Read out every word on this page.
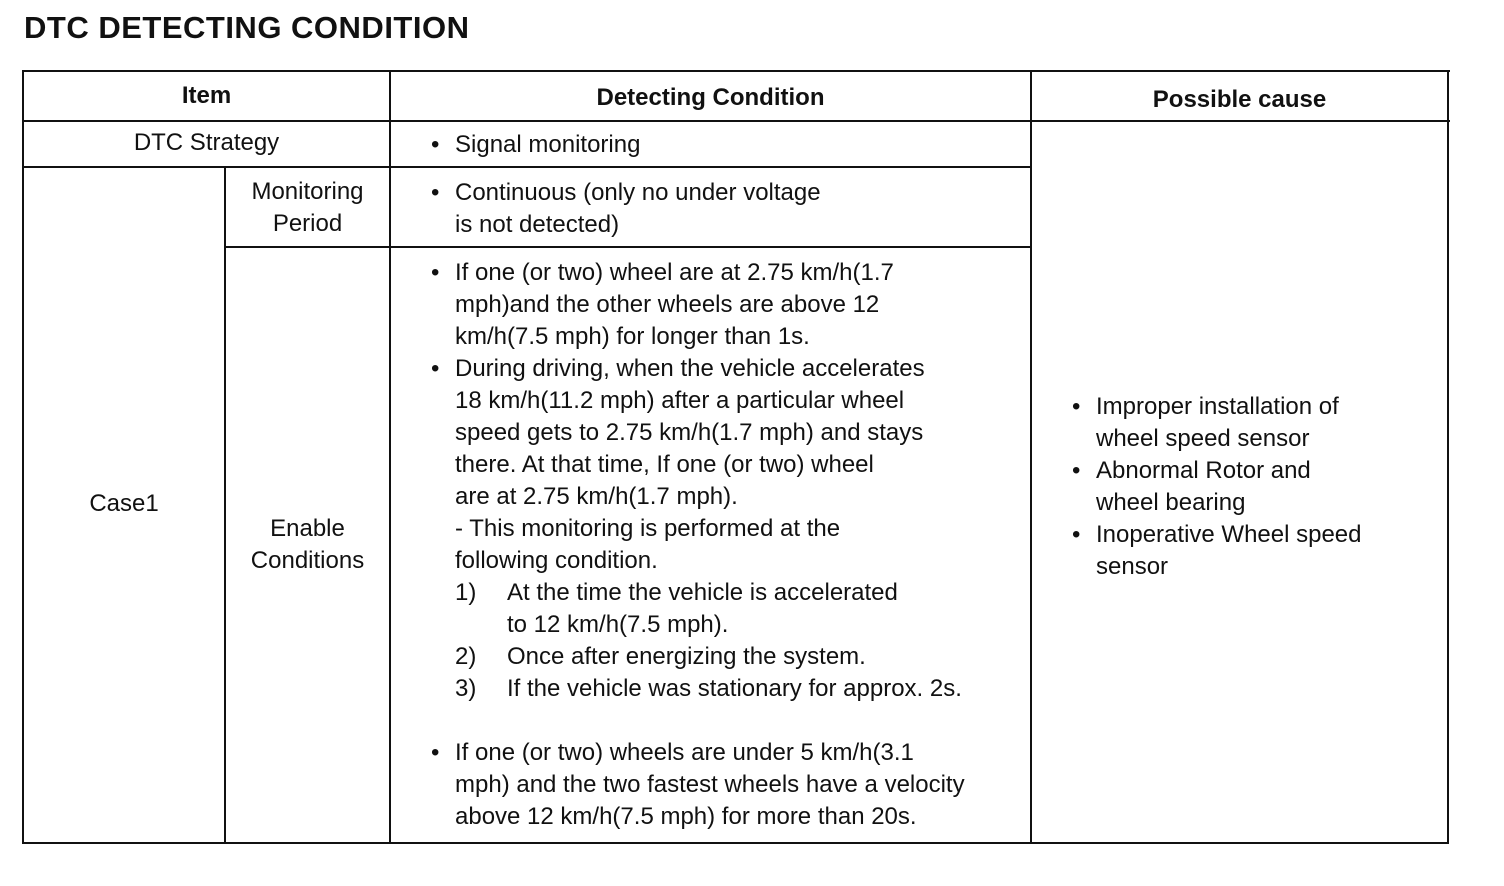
DTC DETECTING CONDITION
Item	Detecting Condition	Possible cause
DTC Strategy
•	Signal monitoring
Case1
Monitoring
Period
• Continuous (only no under voltage
is not detected)
Enable
Conditions
• If one (or two) wheel are at 2.75 km/h(1.7
mph)and the other wheels are above 12
km/h(7.5 mph) for longer than 1s.
• During driving, when the vehicle accelerates
18 km/h(11.2 mph) after a particular wheel
speed gets to 2.75 km/h(1.7 mph) and stays
there. At that time, If one (or two) wheel
are at 2.75 km/h(1.7 mph).
- This monitoring is performed at the
following condition.
1) At the time the vehicle is accelerated
to 12 km/h(7.5 mph).
2) Once after energizing the system.
3) If the vehicle was stationary for approx. 2s.
• If one (or two) wheels are under 5 km/h(3.1
mph) and the two fastest wheels have a velocity
above 12 km/h(7.5 mph) for more than 20s.
• Improper installation of
wheel speed sensor
• Abnormal Rotor and
wheel bearing
• Inoperative Wheel speed
sensor
